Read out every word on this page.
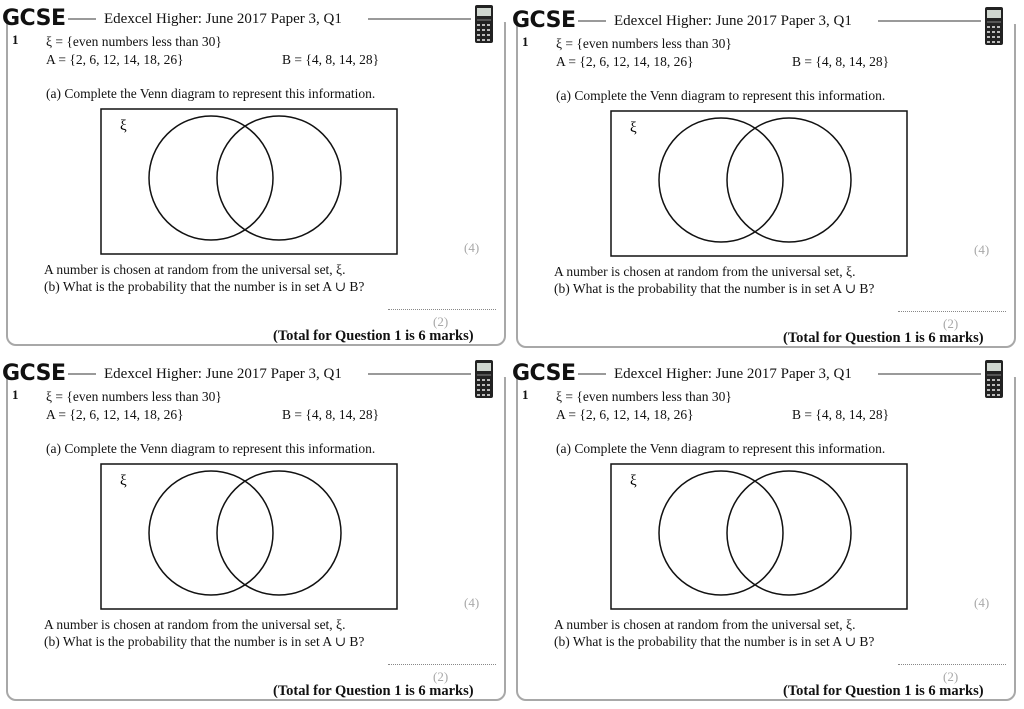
GCSE	Edexcel Higher: June 2017 Paper 3, Q1
1 ξ = {even numbers less than 30}
A = {2, 6, 12, 14, 18, 26}	B = {4, 8, 14, 28}
(a) Complete the Venn diagram to represent this information.
ξ
(4)
A number is chosen at random from the universal set, ξ.
(b) What is the probability that the number is in set A ∪ B?
(2)
(Total for Question 1 is 6 marks)
GCSE	Edexcel Higher: June 2017 Paper 3, Q1
1 ξ = {even numbers less than 30}
A = {2, 6, 12, 14, 18, 26}	B = {4, 8, 14, 28}
(a) Complete the Venn diagram to represent this information.
ξ
(4)
A number is chosen at random from the universal set, ξ.
(b) What is the probability that the number is in set A ∪ B?
(2)
(Total for Question 1 is 6 marks)
GCSE	Edexcel Higher: June 2017 Paper 3, Q1
1 ξ = {even numbers less than 30}
A = {2, 6, 12, 14, 18, 26}	B = {4, 8, 14, 28}
(a) Complete the Venn diagram to represent this information.
ξ
(4)
A number is chosen at random from the universal set, ξ.
(b) What is the probability that the number is in set A ∪ B?
(2)
(Total for Question 1 is 6 marks)
GCSE	Edexcel Higher: June 2017 Paper 3, Q1
1 ξ = {even numbers less than 30}
A = {2, 6, 12, 14, 18, 26}	B = {4, 8, 14, 28}
(a) Complete the Venn diagram to represent this information.
ξ
(4)
A number is chosen at random from the universal set, ξ.
(b) What is the probability that the number is in set A ∪ B?
(2)
(Total for Question 1 is 6 marks)
